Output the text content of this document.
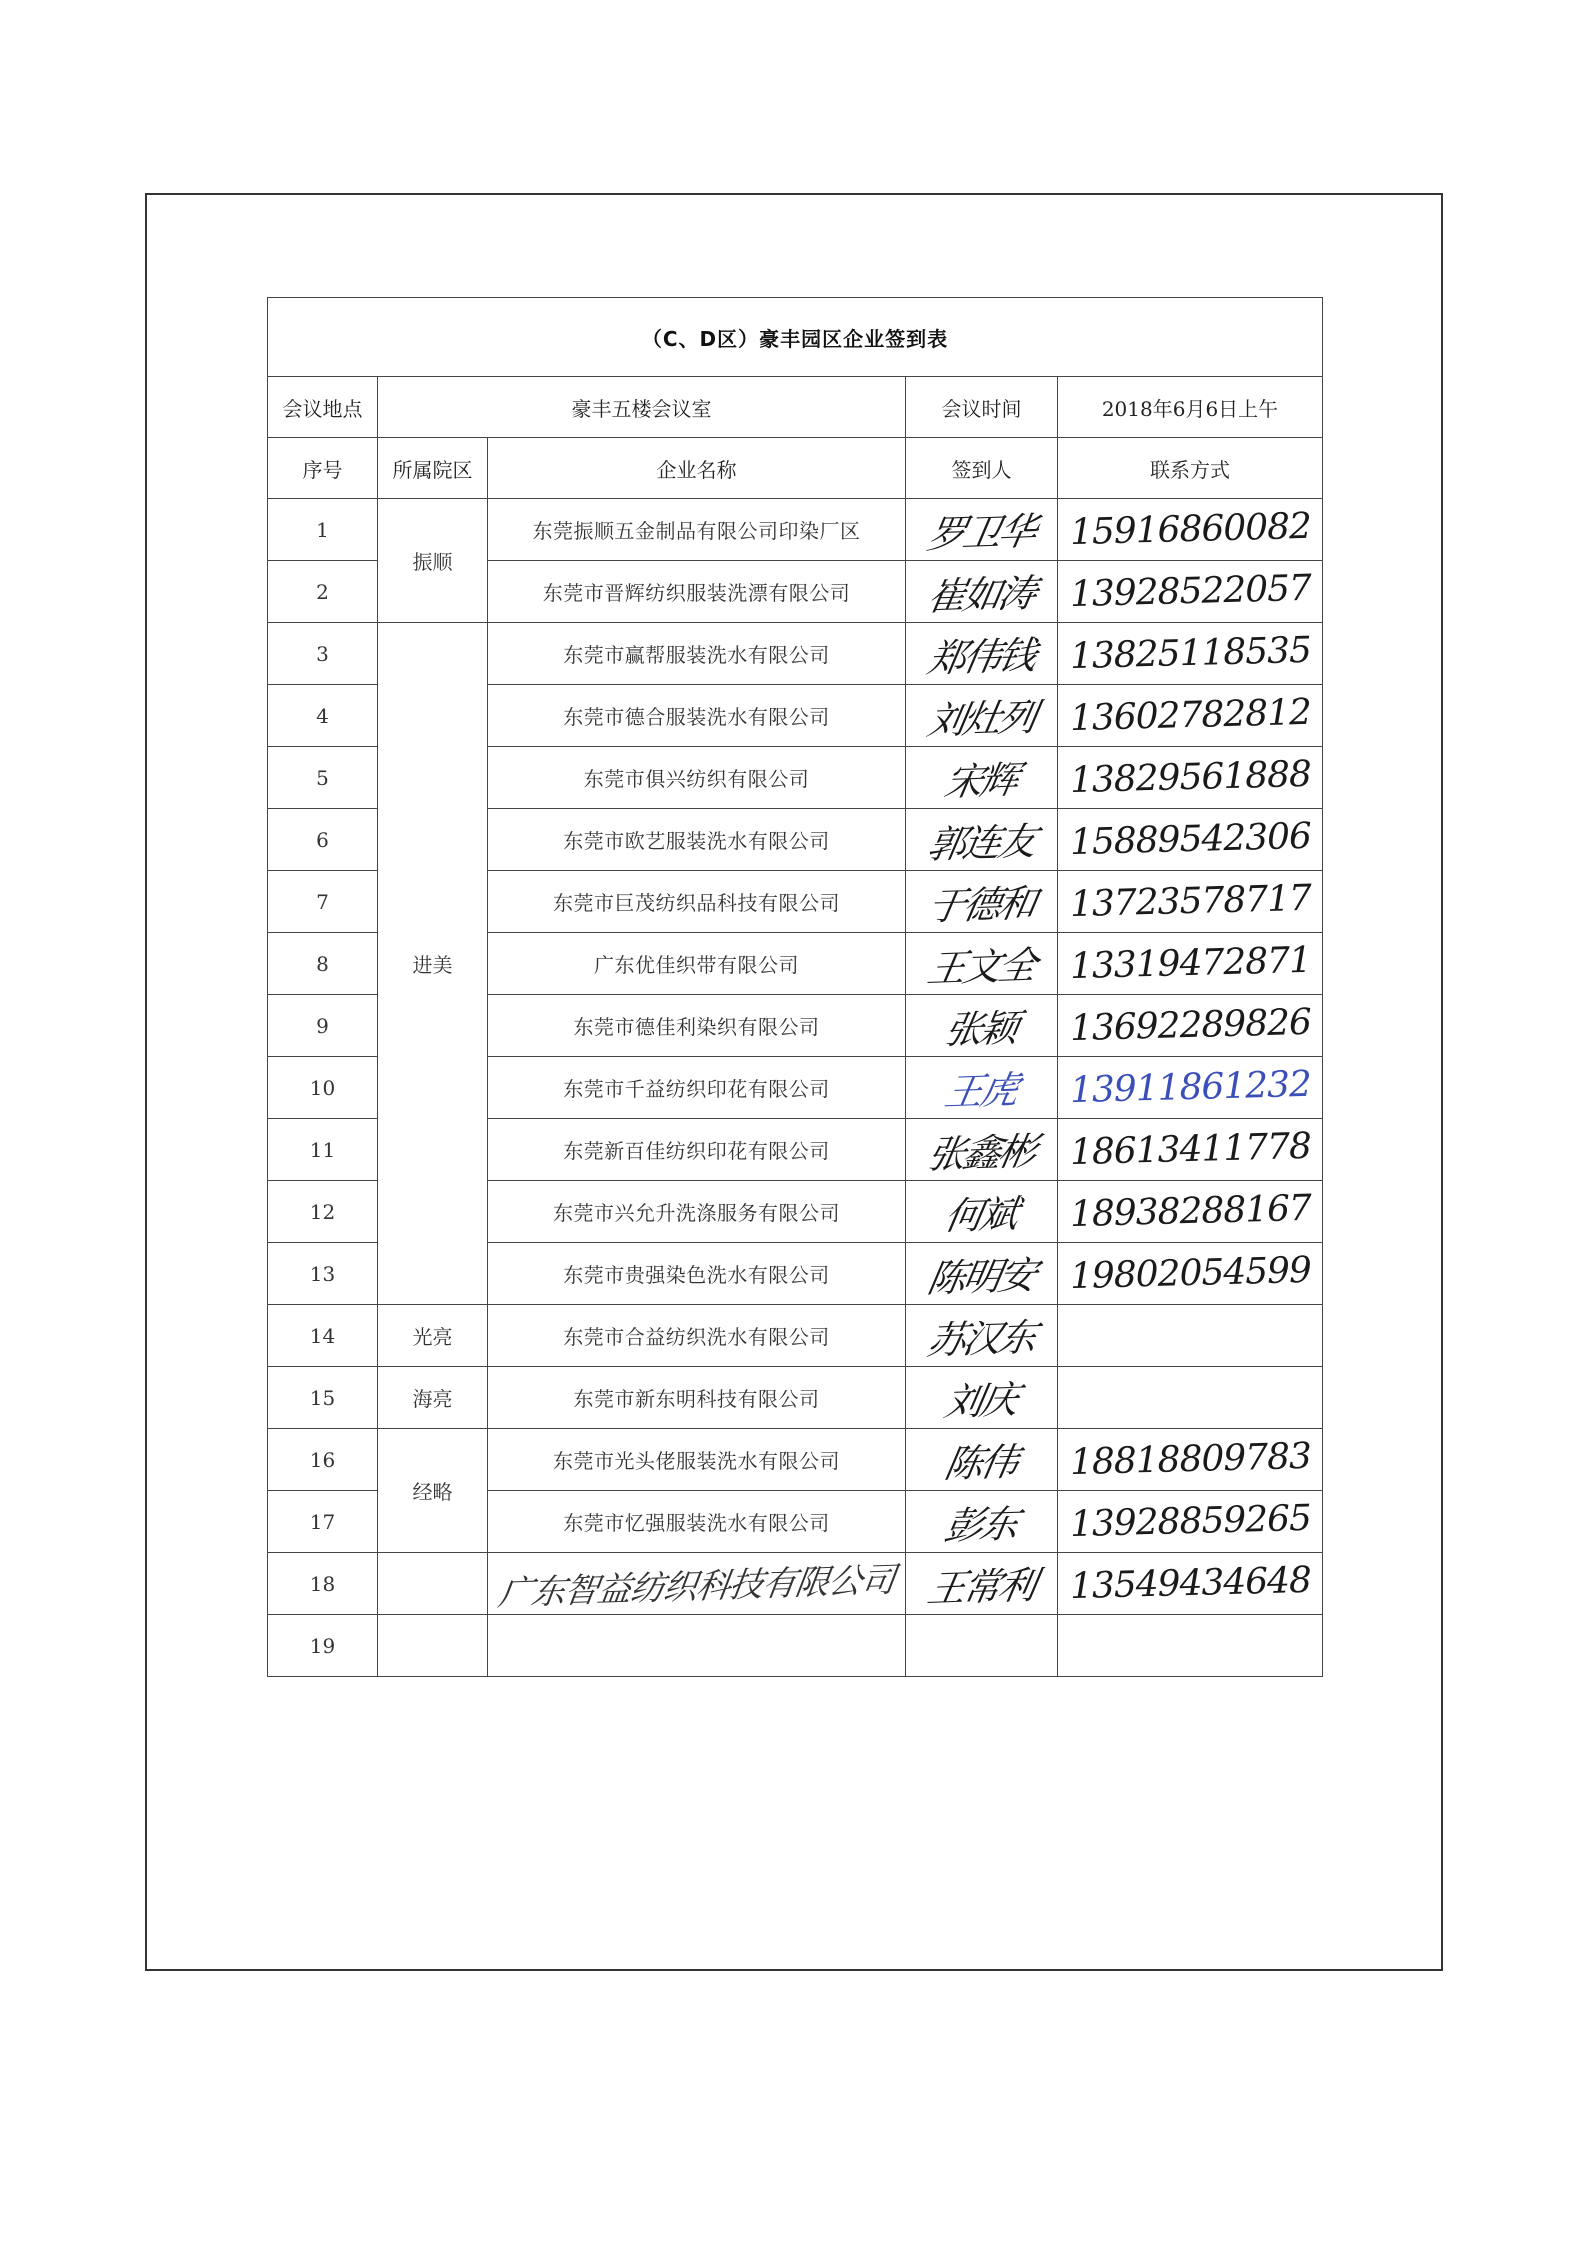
（C、D区）豪丰园区企业签到表				
会议地点	豪丰五楼会议室		会议时间	2018年6月6日上午
序号	所属院区	企业名称	签到人	联系方式
1	振顺	东莞振顺五金制品有限公司印染厂区	罗卫华	15916860082
2		东莞市晋辉纺织服装洗漂有限公司	崔如涛	13928522057
3	进美	东莞市赢帮服装洗水有限公司	郑伟钱	13825118535
4		东莞市德合服装洗水有限公司	刘灶列	13602782812
5		东莞市俱兴纺织有限公司	宋辉	13829561888
6		东莞市欧艺服装洗水有限公司	郭连友	15889542306
7		东莞市巨茂纺织品科技有限公司	于德和	13723578717
8		广东优佳织带有限公司	王文全	13319472871
9		东莞市德佳利染织有限公司	张颖	13692289826
10		东莞市千益纺织印花有限公司	王虎	13911861232
11		东莞新百佳纺织印花有限公司	张鑫彬	18613411778
12		东莞市兴允升洗涤服务有限公司	何斌	18938288167
13		东莞市贵强染色洗水有限公司	陈明安	19802054599
14	光亮	东莞市合益纺织洗水有限公司	苏汉东	
15	海亮	东莞市新东明科技有限公司	刘庆	
16	经略	东莞市光头佬服装洗水有限公司	陈伟	18818809783
17		东莞市忆强服装洗水有限公司	彭东	13928859265
18		广东智益纺织科技有限公司	王常利	13549434648
19				
